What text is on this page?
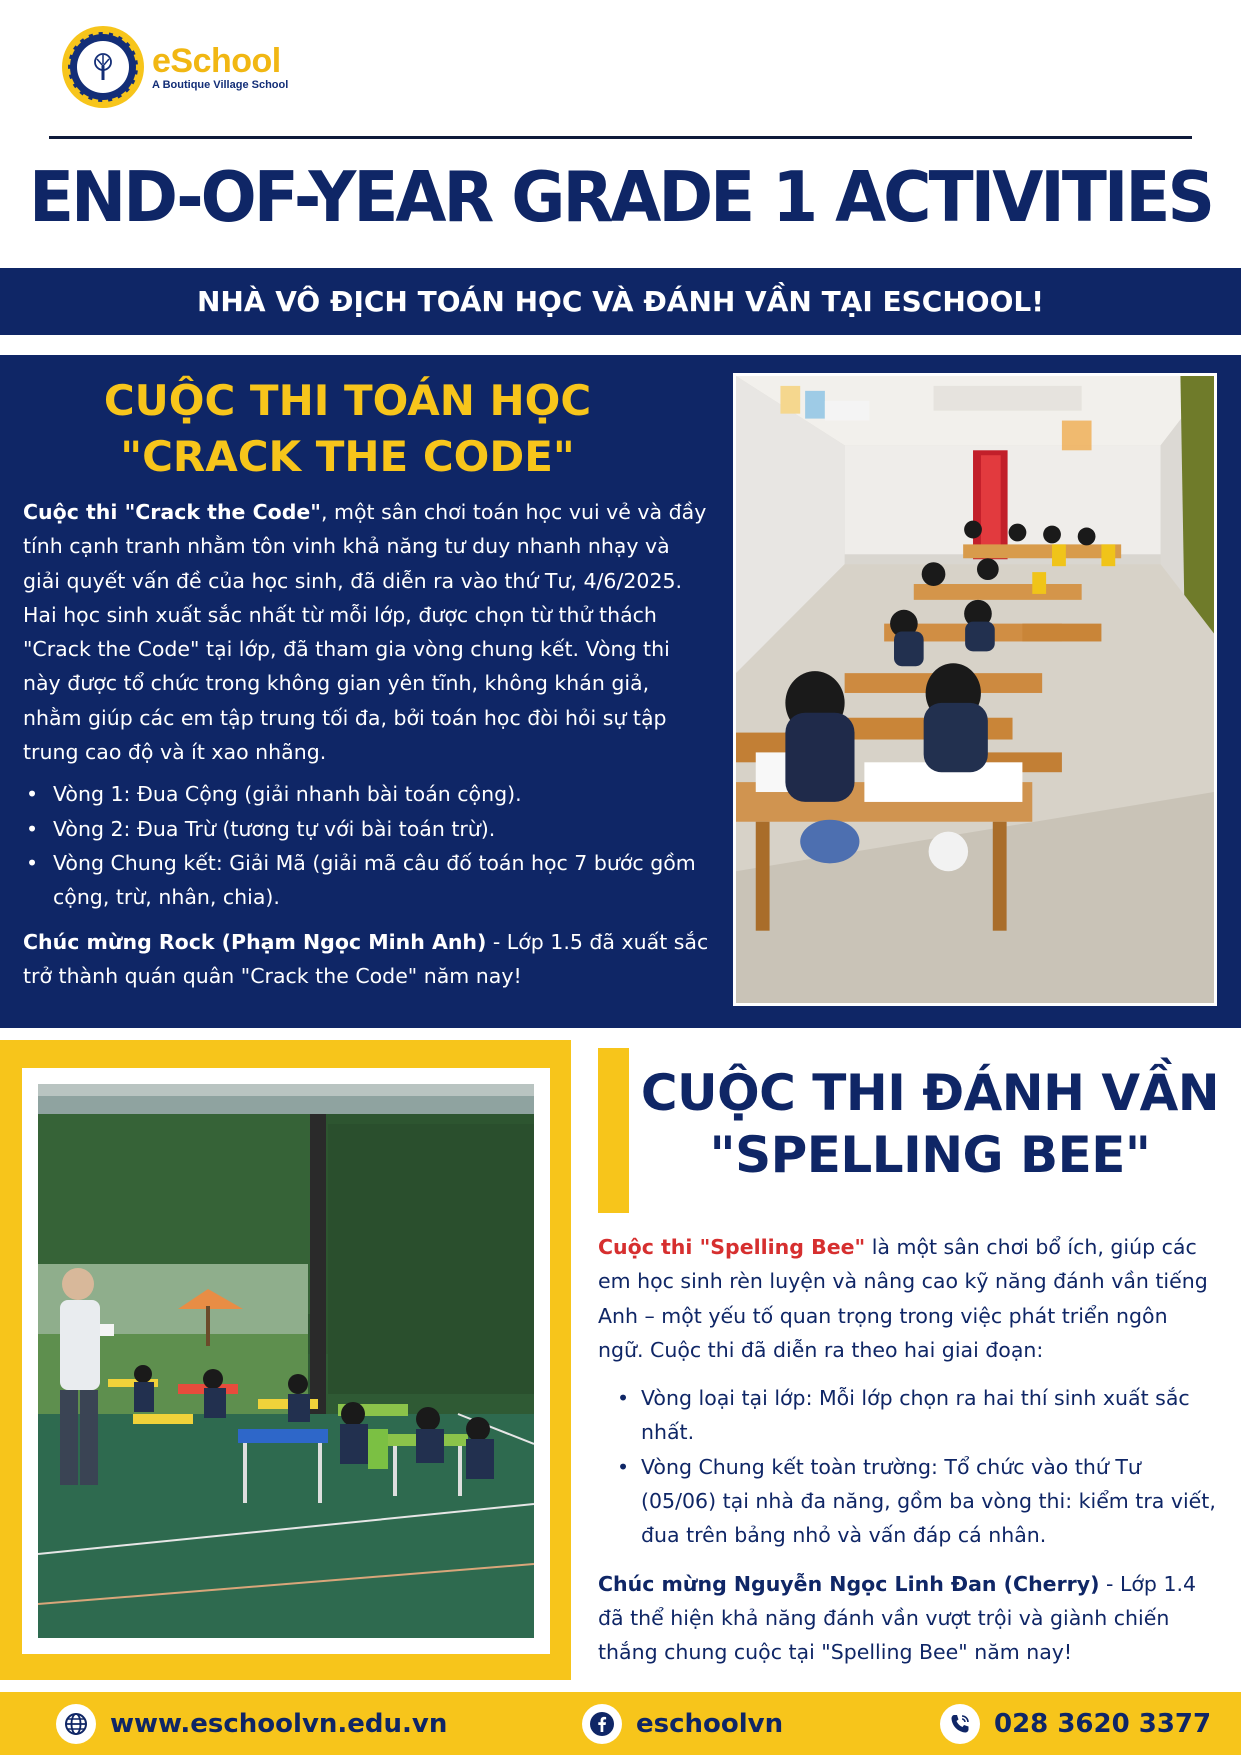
eSchool
A Boutique Village School
END-OF-YEAR GRADE 1 ACTIVITIES
NHÀ VÔ ĐỊCH TOÁN HỌC VÀ ĐÁNH VẦN TẠI ESCHOOL!
CUỘC THI TOÁN HỌC
"CRACK THE CODE"

Cuộc thi "Crack the Code", một sân chơi toán học vui vẻ và đầy tính cạnh tranh nhằm tôn vinh khả năng tư duy nhanh nhạy và giải quyết vấn đề của học sinh, đã diễn ra vào thứ Tư, 4/6/2025. Hai học sinh xuất sắc nhất từ mỗi lớp, được chọn từ thử thách "Crack the Code" tại lớp, đã tham gia vòng chung kết. Vòng thi này được tổ chức trong không gian yên tĩnh, không khán giả, nhằm giúp các em tập trung tối đa, bởi toán học đòi hỏi sự tập trung cao độ và ít xao nhãng.

• Vòng 1: Đua Cộng (giải nhanh bài toán cộng).
• Vòng 2: Đua Trừ (tương tự với bài toán trừ).
• Vòng Chung kết: Giải Mã (giải mã câu đố toán học 7 bước gồm cộng, trừ, nhân, chia).

Chúc mừng Rock (Phạm Ngọc Minh Anh) - Lớp 1.5 đã xuất sắc trở thành quán quân "Crack the Code" năm nay!

CUỘC THI ĐÁNH VẦN
"SPELLING BEE"

Cuộc thi "Spelling Bee" là một sân chơi bổ ích, giúp các em học sinh rèn luyện và nâng cao kỹ năng đánh vần tiếng Anh – một yếu tố quan trọng trong việc phát triển ngôn ngữ. Cuộc thi đã diễn ra theo hai giai đoạn:

• Vòng loại tại lớp: Mỗi lớp chọn ra hai thí sinh xuất sắc nhất.
• Vòng Chung kết toàn trường: Tổ chức vào thứ Tư (05/06) tại nhà đa năng, gồm ba vòng thi: kiểm tra viết, đua trên bảng nhỏ và vấn đáp cá nhân.

Chúc mừng Nguyễn Ngọc Linh Đan (Cherry) - Lớp 1.4 đã thể hiện khả năng đánh vần vượt trội và giành chiến thắng chung cuộc tại "Spelling Bee" năm nay!

www.eschoolvn.edu.vn	eschoolvn	028 3620 3377
